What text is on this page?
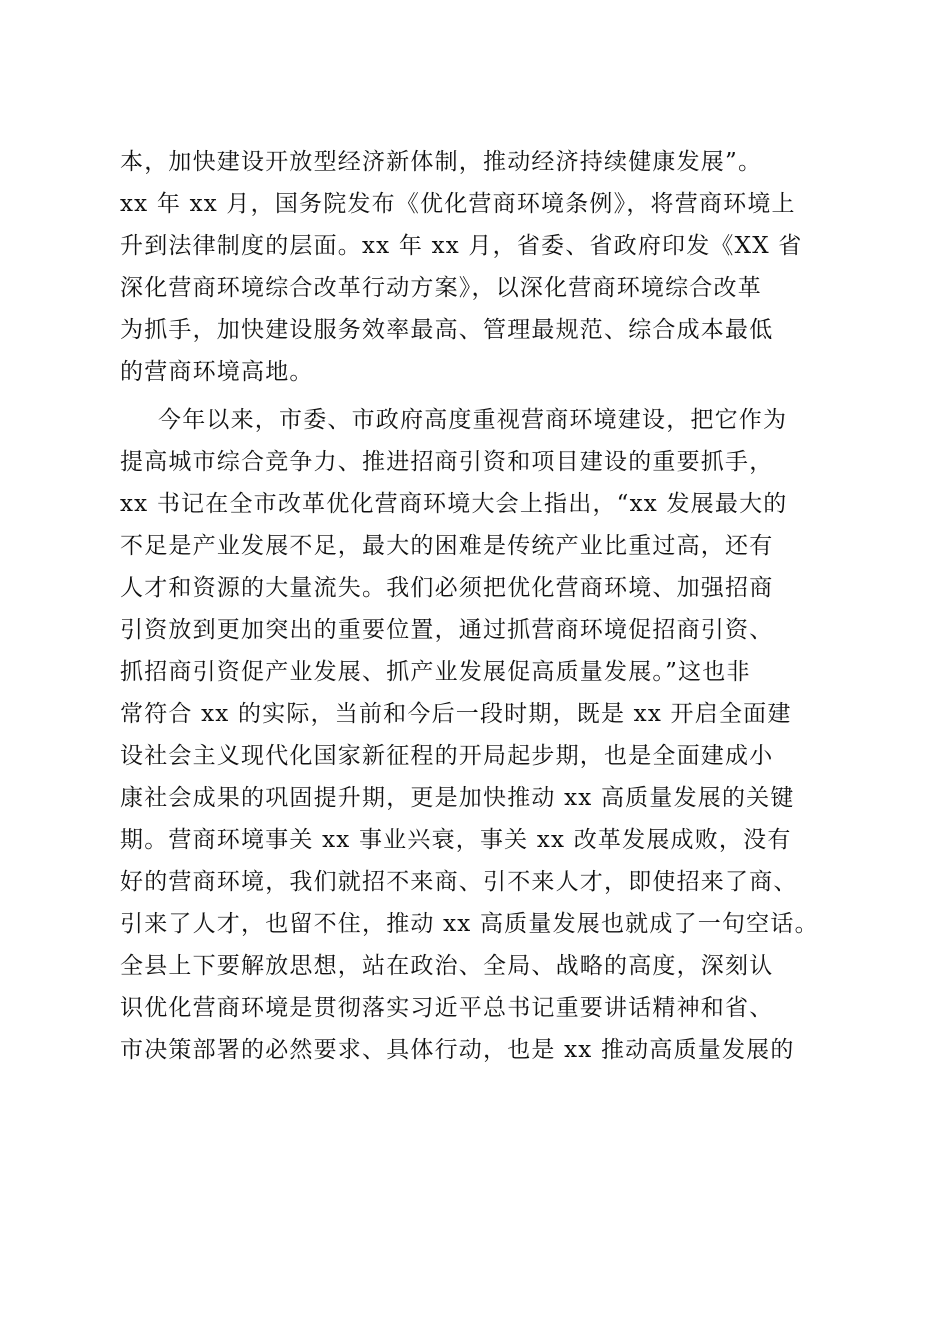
本，加快建设开放型经济新体制，推动经济持续健康发展”。
xx 年 xx 月，国务院发布《优化营商环境条例》，将营商环境上
升到法律制度的层面。xx 年 xx 月，省委、省政府印发《XX 省
深化营商环境综合改革行动方案》，以深化营商环境综合改革
为抓手，加快建设服务效率最高、管理最规范、综合成本最低
的营商环境高地。
今年以来，市委、市政府高度重视营商环境建设，把它作为
提高城市综合竞争力、推进招商引资和项目建设的重要抓手，
xx 书记在全市改革优化营商环境大会上指出，“xx 发展最大的
不足是产业发展不足，最大的困难是传统产业比重过高，还有
人才和资源的大量流失。我们必须把优化营商环境、加强招商
引资放到更加突出的重要位置，通过抓营商环境促招商引资、
抓招商引资促产业发展、抓产业发展促高质量发展。”这也非
常符合 xx 的实际，当前和今后一段时期，既是 xx 开启全面建
设社会主义现代化国家新征程的开局起步期，也是全面建成小
康社会成果的巩固提升期，更是加快推动 xx 高质量发展的关键
期。营商环境事关 xx 事业兴衰，事关 xx 改革发展成败，没有
好的营商环境，我们就招不来商、引不来人才，即使招来了商、
引来了人才，也留不住，推动 xx 高质量发展也就成了一句空话。
全县上下要解放思想，站在政治、全局、战略的高度，深刻认
识优化营商环境是贯彻落实习近平总书记重要讲话精神和省、
市决策部署的必然要求、具体行动，也是 xx 推动高质量发展的
